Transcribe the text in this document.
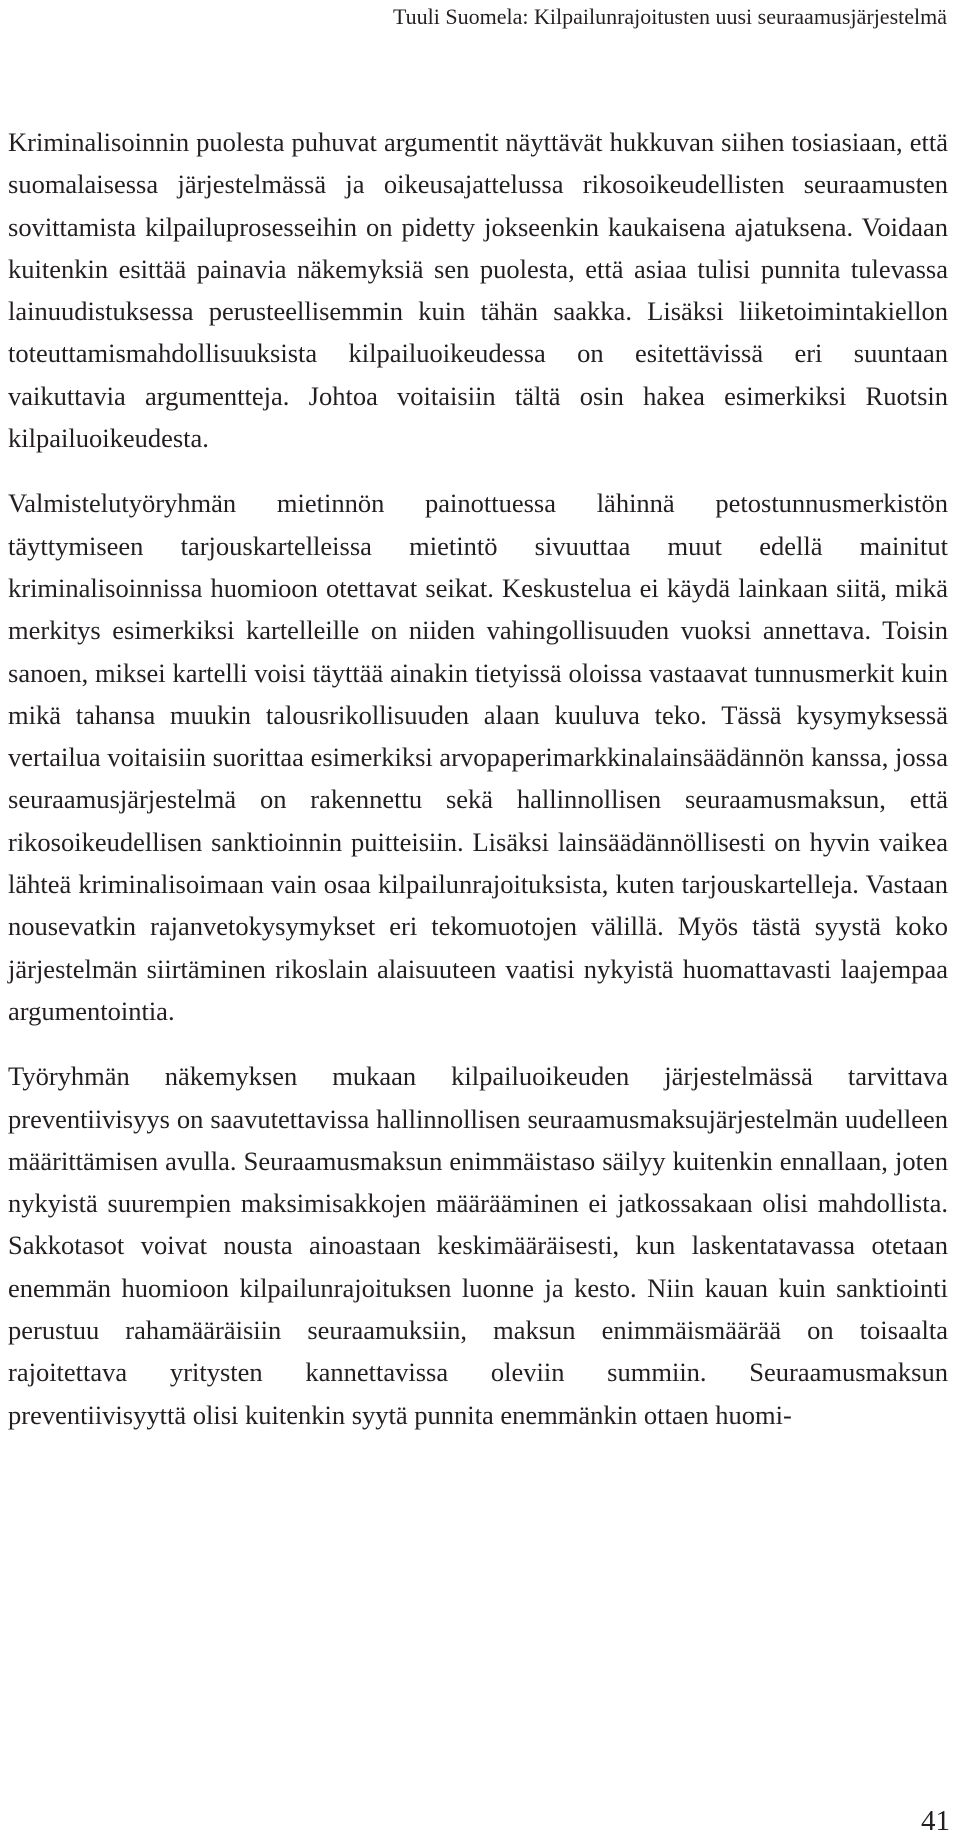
Tuuli Suomela: Kilpailunrajoitusten uusi seuraamusjärjestelmä

Kriminalisoinnin puolesta puhuvat argumentit näyttävät hukkuvan siihen tosiasiaan, että suomalaisessa järjestelmässä ja oikeusajattelussa rikosoikeudellisten seuraamusten sovittamista kilpailuprosesseihin on pidetty jokseenkin kaukaisena ajatuksena. Voidaan kuitenkin esittää painavia näkemyksiä sen puolesta, että asiaa tulisi punnita tulevassa lainuudistuksessa perusteellisemmin kuin tähän saakka. Lisäksi liiketoimintakiellon toteuttamismahdollisuuksista kilpailuoikeudessa on esitettävissä eri suuntaan vaikuttavia argumentteja. Johtoa voitaisiin tältä osin hakea esimerkiksi Ruotsin kilpailuoikeudesta.

Valmistelutyöryhmän mietinnön painottuessa lähinnä petostunnusmerkistön täyttymiseen tarjouskartelleissa mietintö sivuuttaa muut edellä mainitut kriminalisoinnissa huomioon otettavat seikat. Keskustelua ei käydä lainkaan siitä, mikä merkitys esimerkiksi kartelleille on niiden vahingollisuuden vuoksi annettava. Toisin sanoen, miksei kartelli voisi täyttää ainakin tietyissä oloissa vastaavat tunnusmerkit kuin mikä tahansa muukin talousrikollisuuden alaan kuuluva teko. Tässä kysymyksessä vertailua voitaisiin suorittaa esimerkiksi arvopaperimarkkinalainsäädännön kanssa, jossa seuraamusjärjestelmä on rakennettu sekä hallinnollisen seuraamusmaksun, että rikosoikeudellisen sanktioinnin puitteisiin. Lisäksi lainsäädännöllisesti on hyvin vaikea lähteä kriminalisoimaan vain osaa kilpailunrajoituksista, kuten tarjouskartelleja. Vastaan nousevatkin rajanvetokysymykset eri tekomuotojen välillä. Myös tästä syystä koko järjestelmän siirtäminen rikoslain alaisuuteen vaatisi nykyistä huomattavasti laajempaa argumentointia.

Työryhmän näkemyksen mukaan kilpailuoikeuden järjestelmässä tarvittava preventiivisyys on saavutettavissa hallinnollisen seuraamusmaksujärjestelmän uudelleen määrittämisen avulla. Seuraamusmaksun enimmäistaso säilyy kuitenkin ennallaan, joten nykyistä suurempien maksimisakkojen määrääminen ei jatkossakaan olisi mahdollista. Sakkotasot voivat nousta ainoastaan keskimääräisesti, kun laskentatavassa otetaan enemmän huomioon kilpailunrajoituksen luonne ja kesto. Niin kauan kuin sanktiointi perustuu rahamääräisiin seuraamuksiin, maksun enimmäismäärää on toisaalta rajoitettava yritysten kannettavissa oleviin summiin. Seuraamusmaksun preventiivisyyttä olisi kuitenkin syytä punnita enemmänkin ottaen huomi-

41
